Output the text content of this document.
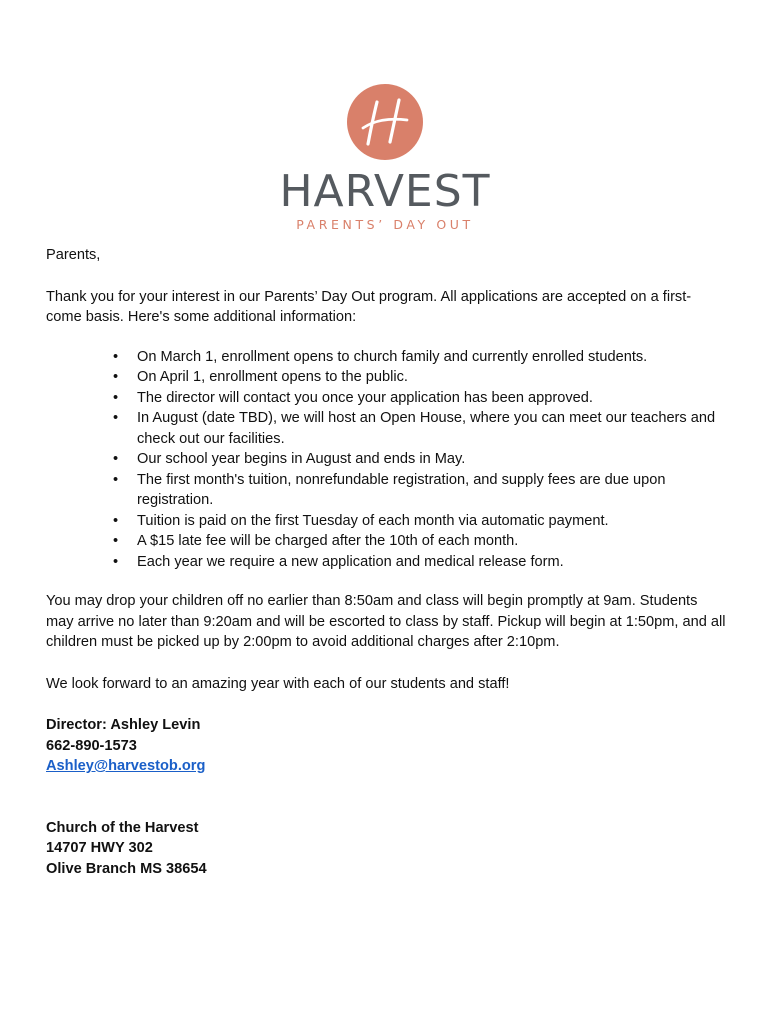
HARVEST
PARENTS’ DAY OUT

Parents,

Thank you for your interest in our Parents’ Day Out program. All applications are accepted on a first-come basis. Here's some additional information:

• On March 1, enrollment opens to church family and currently enrolled students.
• On April 1, enrollment opens to the public.
• The director will contact you once your application has been approved.
• In August (date TBD), we will host an Open House, where you can meet our teachers and check out our facilities.
• Our school year begins in August and ends in May.
• The first month's tuition, nonrefundable registration, and supply fees are due upon registration.
• Tuition is paid on the first Tuesday of each month via automatic payment.
• A $15 late fee will be charged after the 10th of each month.
• Each year we require a new application and medical release form.

You may drop your children off no earlier than 8:50am and class will begin promptly at 9am. Students may arrive no later than 9:20am and will be escorted to class by staff. Pickup will begin at 1:50pm, and all children must be picked up by 2:00pm to avoid additional charges after 2:10pm.

We look forward to an amazing year with each of our students and staff!

Director: Ashley Levin

662-890-1573

Ashley@harvestob.org

Church of the Harvest

14707 HWY 302

Olive Branch MS 38654
